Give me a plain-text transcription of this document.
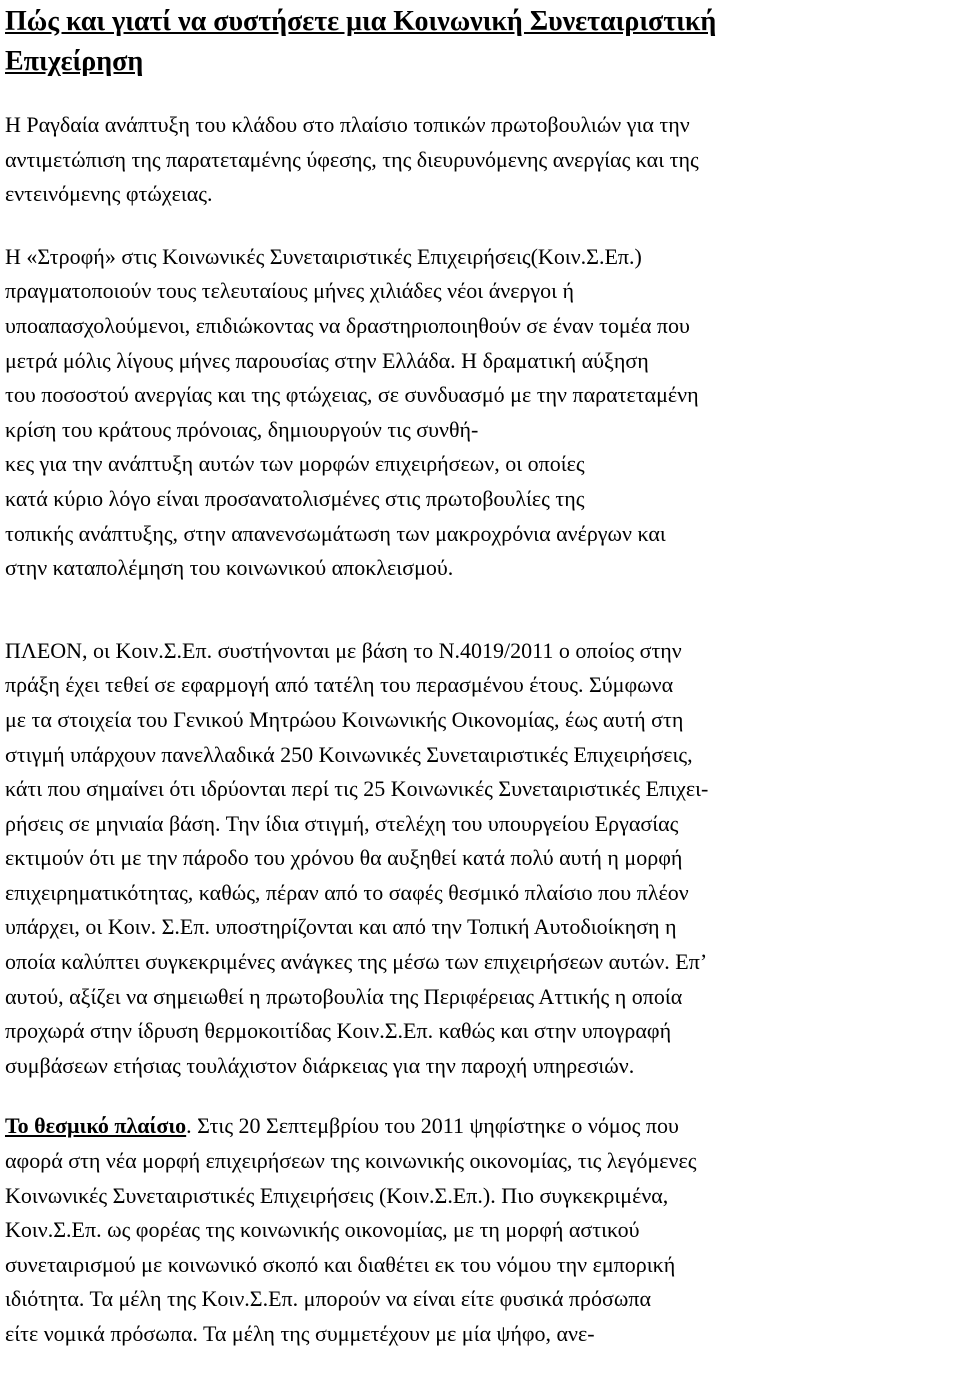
Πώς και γιατί να συστήσετε μια Κοινωνική Συνεταιριστική
Επιχείρηση
Η Ραγδαία ανάπτυξη του κλάδου στο πλαίσιο τοπικών πρωτοβουλιών για την
αντιμετώπιση της παρατεταμένης ύφεσης, της διευρυνόμενης ανεργίας και της
εντεινόμενης φτώχειας.
Η «Στροφή» στις Κοινωνικές Συνεταιριστικές Επιχειρήσεις(Κοιν.Σ.Επ.)
πραγματοποιούν τους τελευταίους μήνες χιλιάδες νέοι άνεργοι ή
υποαπασχολούμενοι, επιδιώκοντας να δραστηριοποιηθούν σε έναν τομέα που
μετρά μόλις λίγους μήνες παρουσίας στην Ελλάδα. Η δραματική αύξηση
του ποσοστού ανεργίας και της φτώχειας, σε συνδυασμό με την παρατεταμένη
κρίση του κράτους πρόνοιας, δημιουργούν τις συνθή-
κες για την ανάπτυξη αυτών των μορφών επιχειρήσεων, οι οποίες
κατά κύριο λόγο είναι προσανατολισμένες στις πρωτοβουλίες της
τοπικής ανάπτυξης, στην απανενσωμάτωση των μακροχρόνια ανέργων και
στην καταπολέμηση του κοινωνικού αποκλεισμού.
ΠΛΕΟΝ, οι Κοιν.Σ.Επ. συστήνονται με βάση το Ν.4019/2011 ο οποίος στην
πράξη έχει τεθεί σε εφαρμογή από τατέλη του περασμένου έτους. Σύμφωνα
με τα στοιχεία του Γενικού Μητρώου Κοινωνικής Οικονομίας, έως αυτή στη
στιγμή υπάρχουν πανελλαδικά 250 Κοινωνικές Συνεταιριστικές Επιχειρήσεις,
κάτι που σημαίνει ότι ιδρύονται περί τις 25 Κοινωνικές Συνεταιριστικές Επιχει-
ρήσεις σε μηνιαία βάση. Την ίδια στιγμή, στελέχη του υπουργείου Εργασίας
εκτιμούν ότι με την πάροδο του χρόνου θα αυξηθεί κατά πολύ αυτή η μορφή
επιχειρηματικότητας, καθώς, πέραν από το σαφές θεσμικό πλαίσιο που πλέον
υπάρχει, οι Κοιν. Σ.Επ. υποστηρίζονται και από την Τοπική Αυτοδιοίκηση η
οποία καλύπτει συγκεκριμένες ανάγκες της μέσω των επιχειρήσεων αυτών. Επ’
αυτού, αξίζει να σημειωθεί η πρωτοβουλία της Περιφέρειας Αττικής η οποία
προχωρά στην ίδρυση θερμοκοιτίδας Κοιν.Σ.Επ. καθώς και στην υπογραφή
συμβάσεων ετήσιας τουλάχιστον διάρκειας για την παροχή υπηρεσιών.
Το θεσμικό πλαίσιο. Στις 20 Σεπτεμβρίου του 2011 ψηφίστηκε ο νόμος που
αφορά στη νέα μορφή επιχειρήσεων της κοινωνικής οικονομίας, τις λεγόμενες
Κοινωνικές Συνεταιριστικές Επιχειρήσεις (Κοιν.Σ.Επ.). Πιο συγκεκριμένα,
Κοιν.Σ.Επ. ως φορέας της κοινωνικής οικονομίας, με τη μορφή αστικού
συνεταιρισμού με κοινωνικό σκοπό και διαθέτει εκ του νόμου την εμπορική
ιδιότητα. Τα μέλη της Κοιν.Σ.Επ. μπορούν να είναι είτε φυσικά πρόσωπα
είτε νομικά πρόσωπα. Τα μέλη της συμμετέχουν με μία ψήφο, ανε-
